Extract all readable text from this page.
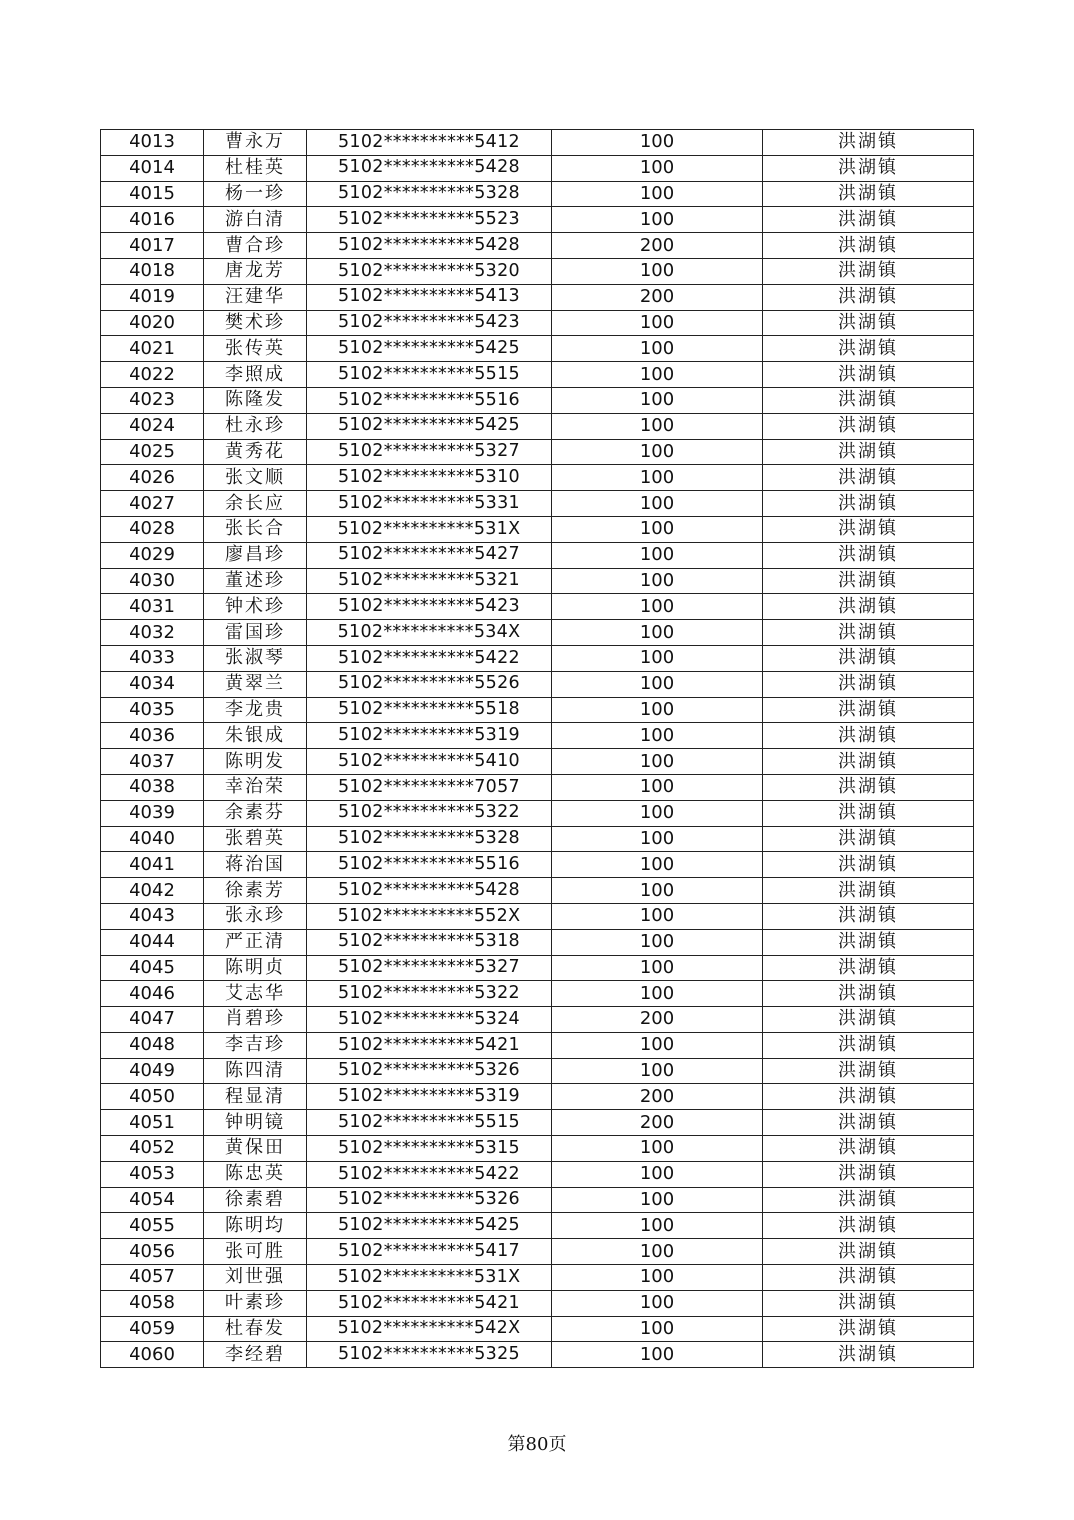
4013	曹永万	5102**********5412	100	洪湖镇
4014	杜桂英	5102**********5428	100	洪湖镇
4015	杨一珍	5102**********5328	100	洪湖镇
4016	游白清	5102**********5523	100	洪湖镇
4017	曹合珍	5102**********5428	200	洪湖镇
4018	唐龙芳	5102**********5320	100	洪湖镇
4019	汪建华	5102**********5413	200	洪湖镇
4020	樊术珍	5102**********5423	100	洪湖镇
4021	张传英	5102**********5425	100	洪湖镇
4022	李照成	5102**********5515	100	洪湖镇
4023	陈隆发	5102**********5516	100	洪湖镇
4024	杜永珍	5102**********5425	100	洪湖镇
4025	黄秀花	5102**********5327	100	洪湖镇
4026	张文顺	5102**********5310	100	洪湖镇
4027	余长应	5102**********5331	100	洪湖镇
4028	张长合	5102**********531X	100	洪湖镇
4029	廖昌珍	5102**********5427	100	洪湖镇
4030	董述珍	5102**********5321	100	洪湖镇
4031	钟术珍	5102**********5423	100	洪湖镇
4032	雷国珍	5102**********534X	100	洪湖镇
4033	张淑琴	5102**********5422	100	洪湖镇
4034	黄翠兰	5102**********5526	100	洪湖镇
4035	李龙贵	5102**********5518	100	洪湖镇
4036	朱银成	5102**********5319	100	洪湖镇
4037	陈明发	5102**********5410	100	洪湖镇
4038	幸治荣	5102**********7057	100	洪湖镇
4039	余素芬	5102**********5322	100	洪湖镇
4040	张碧英	5102**********5328	100	洪湖镇
4041	蒋治国	5102**********5516	100	洪湖镇
4042	徐素芳	5102**********5428	100	洪湖镇
4043	张永珍	5102**********552X	100	洪湖镇
4044	严正清	5102**********5318	100	洪湖镇
4045	陈明贞	5102**********5327	100	洪湖镇
4046	艾志华	5102**********5322	100	洪湖镇
4047	肖碧珍	5102**********5324	200	洪湖镇
4048	李吉珍	5102**********5421	100	洪湖镇
4049	陈四清	5102**********5326	100	洪湖镇
4050	程显清	5102**********5319	200	洪湖镇
4051	钟明镜	5102**********5515	200	洪湖镇
4052	黄保田	5102**********5315	100	洪湖镇
4053	陈忠英	5102**********5422	100	洪湖镇
4054	徐素碧	5102**********5326	100	洪湖镇
4055	陈明均	5102**********5425	100	洪湖镇
4056	张可胜	5102**********5417	100	洪湖镇
4057	刘世强	5102**********531X	100	洪湖镇
4058	叶素珍	5102**********5421	100	洪湖镇
4059	杜春发	5102**********542X	100	洪湖镇
4060	李经碧	5102**********5325	100	洪湖镇
第80页
